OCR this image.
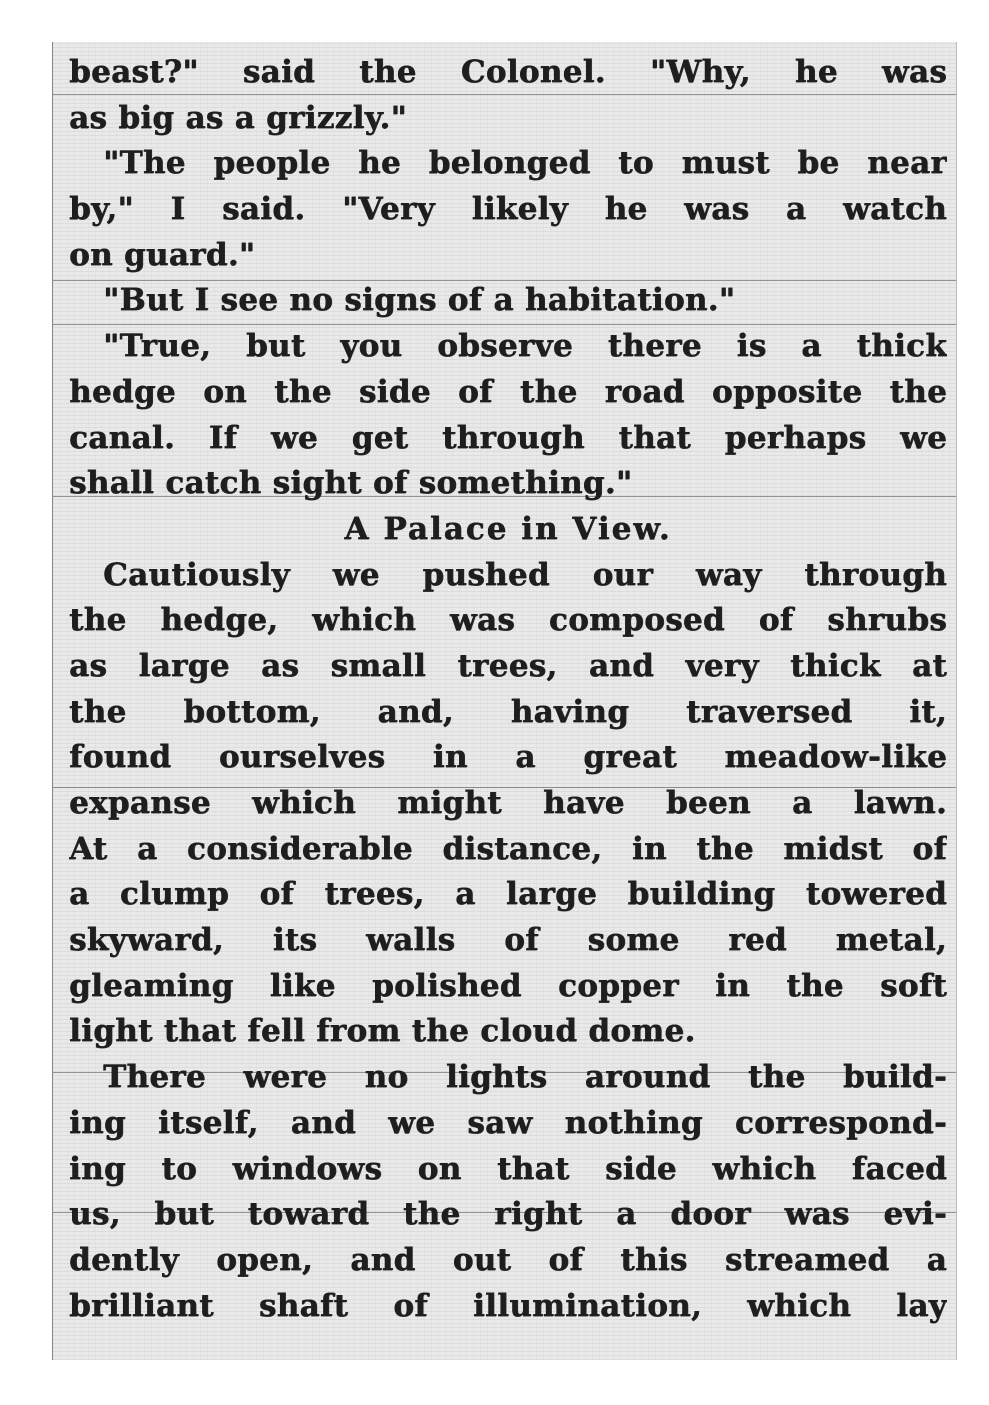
beast?" said the Colonel. "Why, he was
as big as a grizzly."
"The people he belonged to must be near
by," I said. "Very likely he was a watch
on guard."
"But I see no signs of a habitation."
"True, but you observe there is a thick
hedge on the side of the road opposite the
canal. If we get through that perhaps we
shall catch sight of something."
A Palace in View.
Cautiously we pushed our way through
the hedge, which was composed of shrubs
as large as small trees, and very thick at
the bottom, and, having traversed it,
found ourselves in a great meadow-like
expanse which might have been a lawn.
At a considerable distance, in the midst of
a clump of trees, a large building towered
skyward, its walls of some red metal,
gleaming like polished copper in the soft
light that fell from the cloud dome.
There were no lights around the build-
ing itself, and we saw nothing correspond-
ing to windows on that side which faced
us, but toward the right a door was evi-
dently open, and out of this streamed a
brilliant shaft of illumination, which lay
